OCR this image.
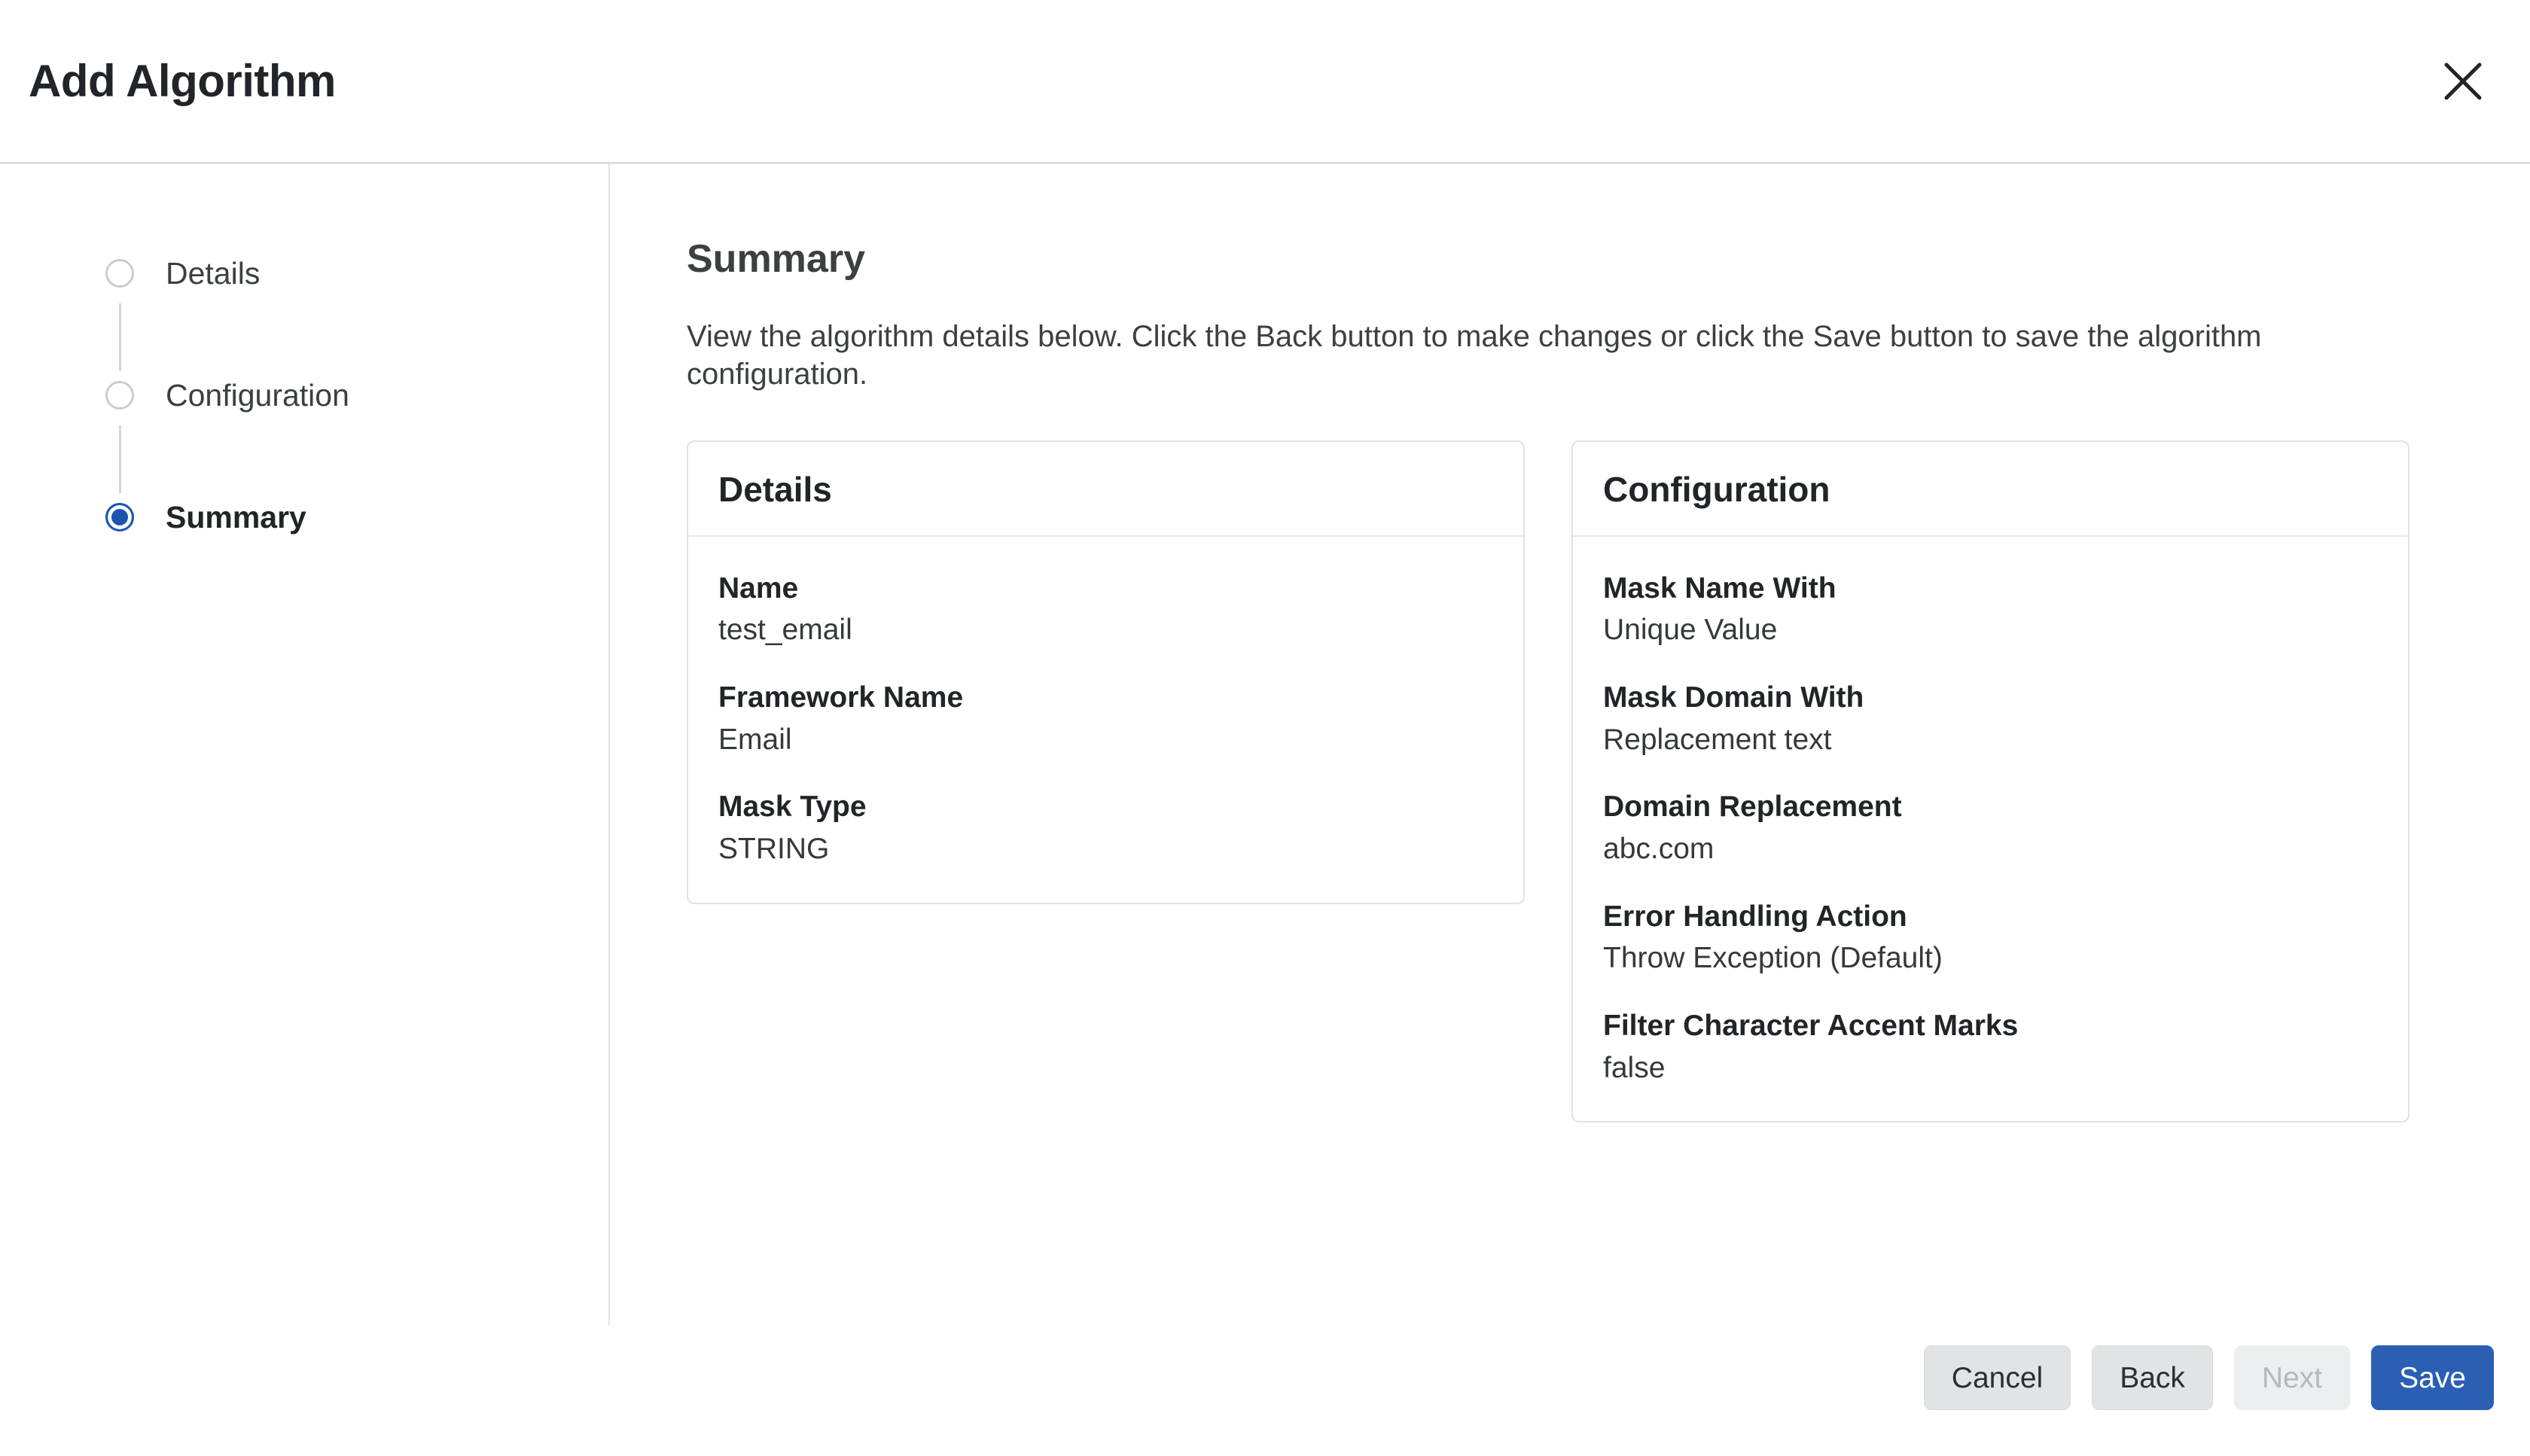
Add Algorithm
Details
Configuration
Summary
Summary
View the algorithm details below. Click the Back button to make changes or click the Save button to save the algorithm configuration.
Details
Name
test_email
Framework Name
Email
Mask Type
STRING
Configuration
Mask Name With
Unique Value
Mask Domain With
Replacement text
Domain Replacement
abc.com
Error Handling Action
Throw Exception (Default)
Filter Character Accent Marks
false
Cancel	Back	Next	Save
